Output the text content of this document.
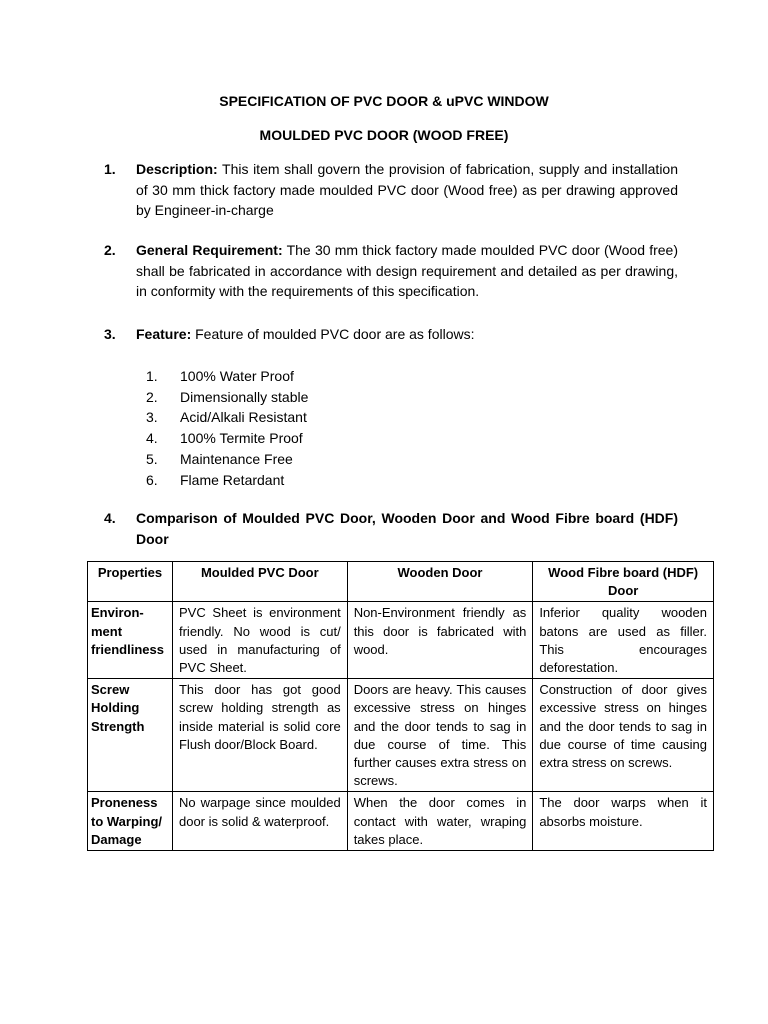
SPECIFICATION OF PVC DOOR & uPVC WINDOW
MOULDED PVC DOOR (WOOD FREE)
1. Description: This item shall govern the provision of fabrication, supply and installation of 30 mm thick factory made moulded PVC door (Wood free) as per drawing approved by Engineer-in-charge
2. General Requirement: The 30 mm thick factory made moulded PVC door (Wood free) shall be fabricated in accordance with design requirement and detailed as per drawing, in conformity with the requirements of this specification.
3. Feature: Feature of moulded PVC door are as follows:
1.	100% Water Proof
2.	Dimensionally stable
3.	Acid/Alkali Resistant
4.	100% Termite Proof
5.	Maintenance Free
6.	Flame Retardant
4. Comparison of Moulded PVC Door, Wooden Door and Wood Fibre board (HDF) Door
Properties	Moulded PVC Door	Wooden Door	Wood Fibre board (HDF) Door
Environ-ment friendliness	PVC Sheet is environment friendly. No wood is cut/ used in manufacturing of PVC Sheet.	Non-Environment friendly as this door is fabricated with wood.	Inferior quality wooden batons are used as filler. This encourages deforestation.
Screw Holding Strength	This door has got good screw holding strength as inside material is solid core Flush door/Block Board.	Doors are heavy. This causes excessive stress on hinges and the door tends to sag in due course of time. This further causes extra stress on screws.	Construction of door gives excessive stress on hinges and the door tends to sag in due course of time causing extra stress on screws.
Proneness to Warping/ Damage	No warpage since moulded door is solid & waterproof.	When the door comes in contact with water, wraping takes place.	The door warps when it absorbs moisture.
